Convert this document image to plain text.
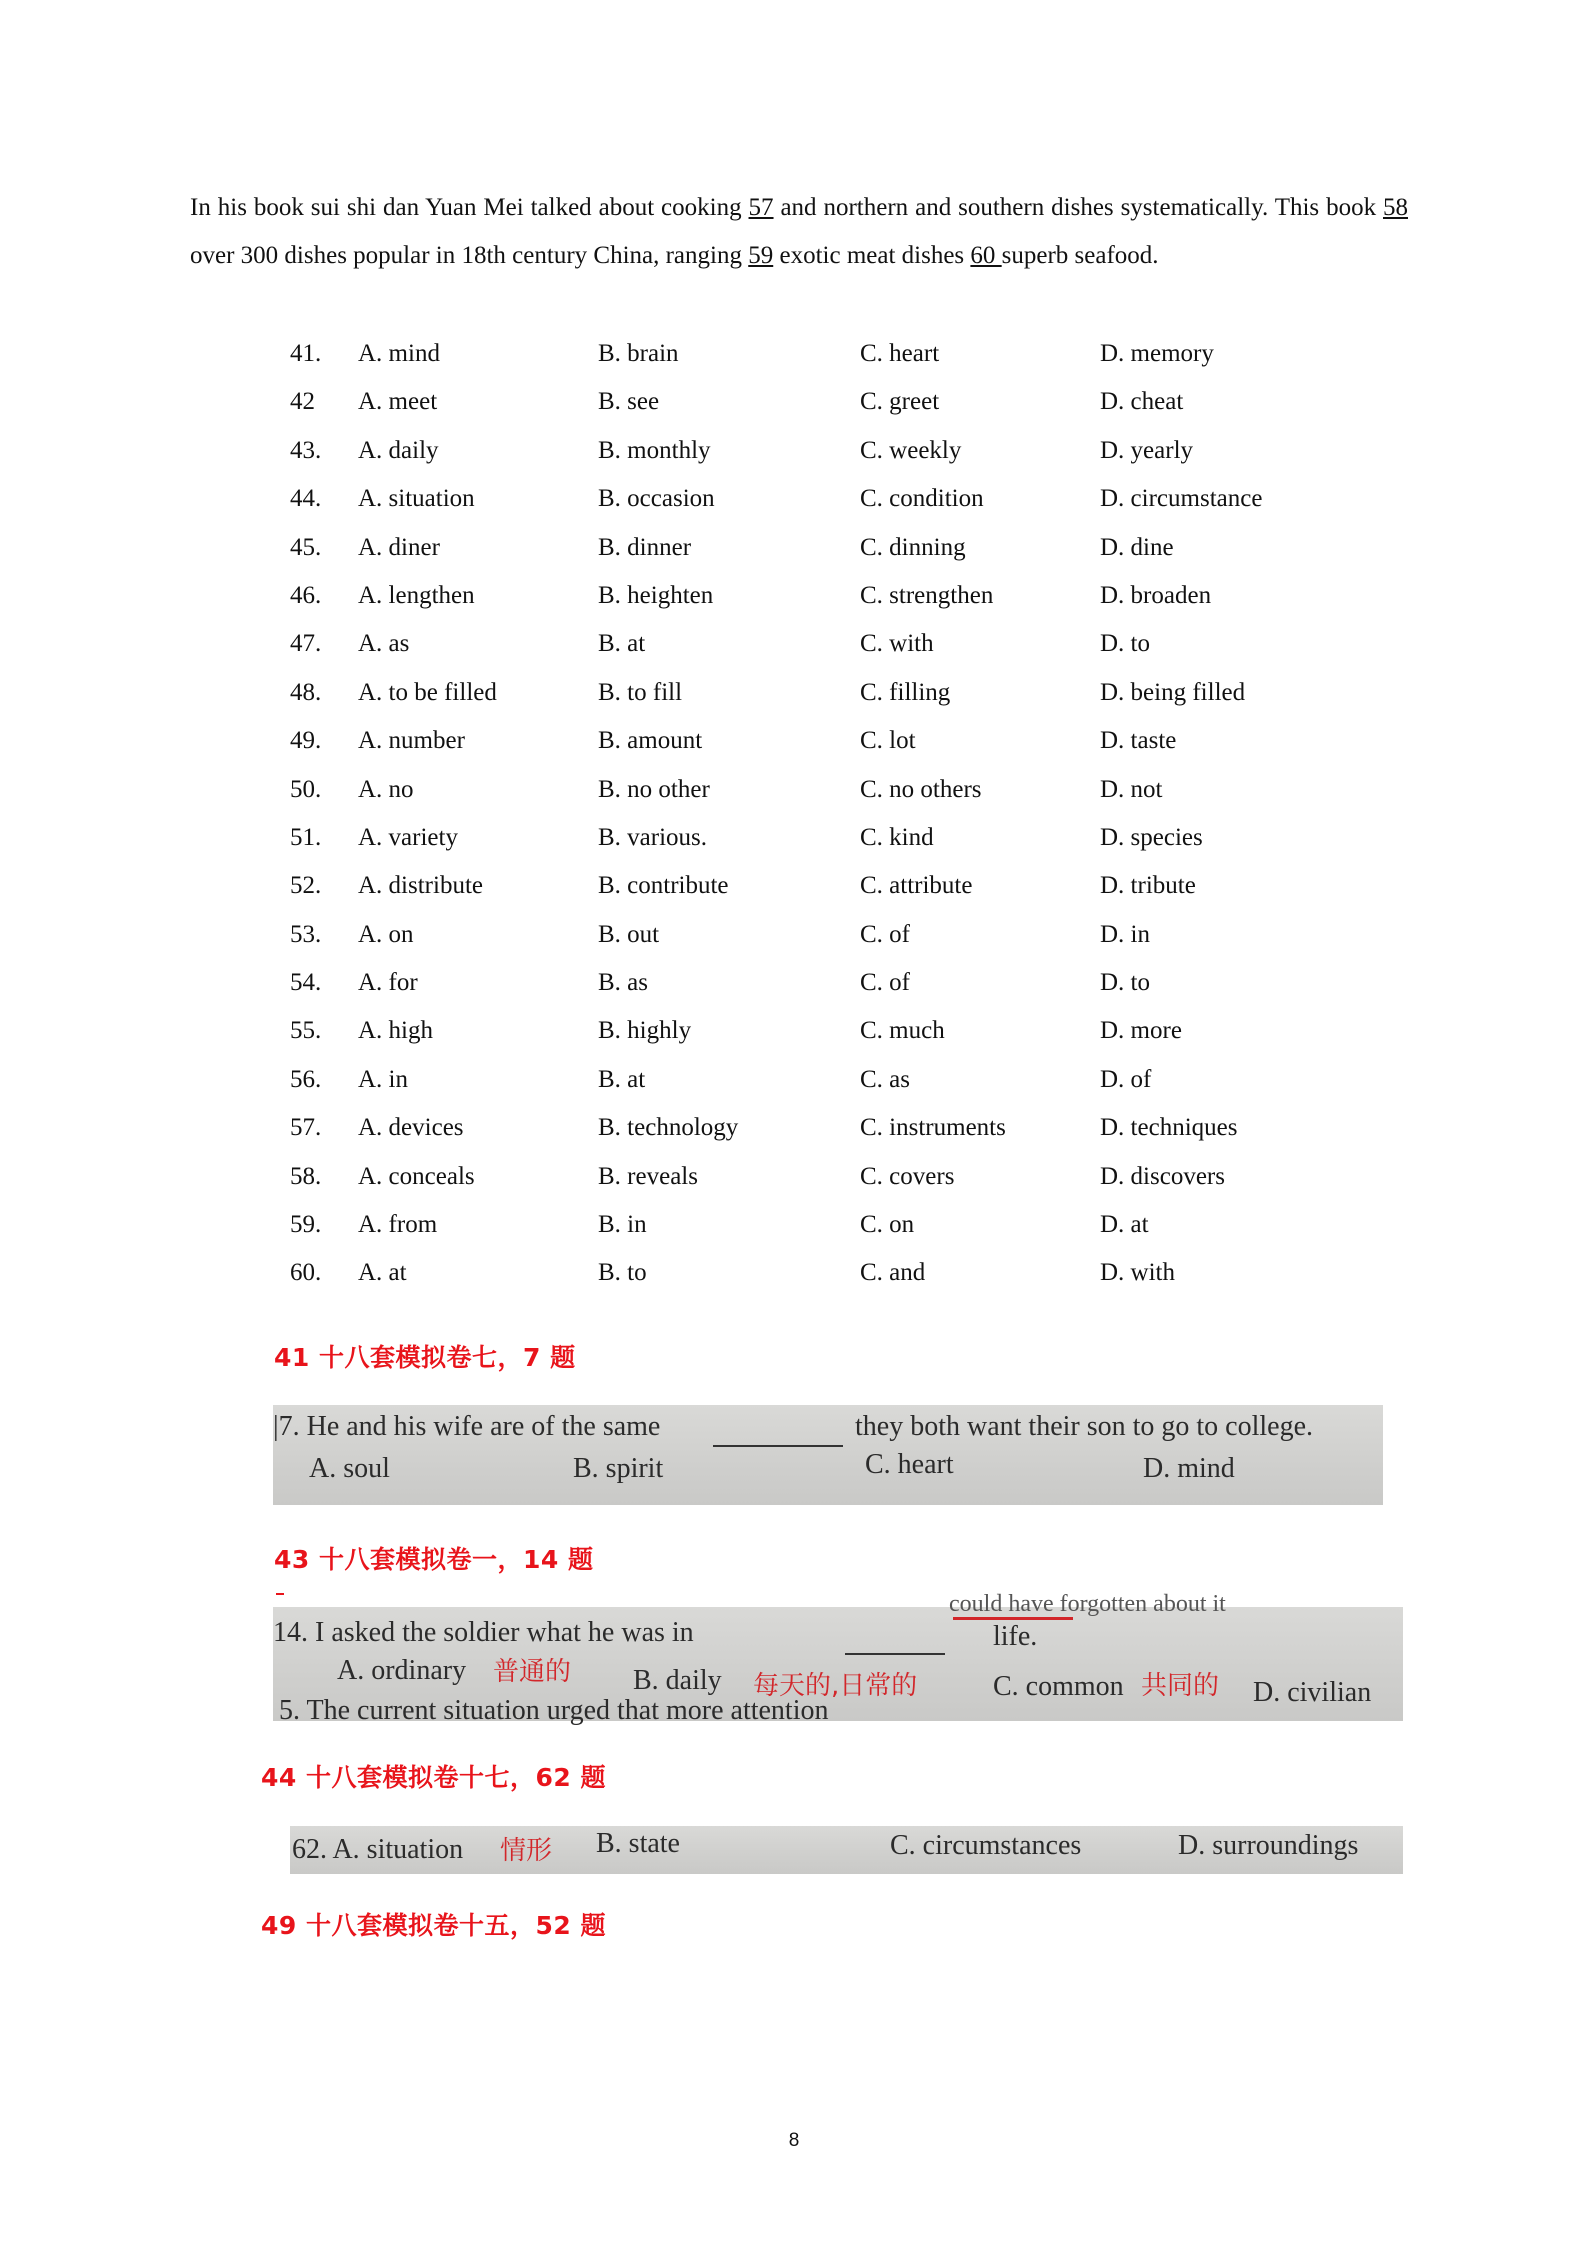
In his book sui shi dan Yuan Mei talked about cooking 57 and northern and southern dishes systematically. This book 58 over 300 dishes popular in 18th century China, ranging 59 exotic meat dishes 60 superb seafood.
41. A. mind	B. brain	C. heart	D. memory
42 A. meet	B. see	C. greet	D. cheat
43. A. daily	B. monthly	C. weekly	D. yearly
44. A. situation	B. occasion	C. condition	D. circumstance
45. A. diner	B. dinner	C. dinning	D. dine
46. A. lengthen	B. heighten	C. strengthen	D. broaden
47. A. as	B. at	C. with	D. to
48. A. to be filled	B. to fill	C. filling	D. being filled
49. A. number	B. amount	C. lot	D. taste
50. A. no	B. no other	C. no others	D. not
51. A. variety	B. various.	C. kind	D. species
52. A. distribute	B. contribute	C. attribute	D. tribute
53. A. on	B. out	C. of	D. in
54. A. for	B. as	C. of	D. to
55. A. high	B. highly	C. much	D. more
56. A. in	B. at	C. as	D. of
57. A. devices	B. technology	C. instruments	D. techniques
58. A. conceals	B. reveals	C. covers	D. discovers
59. A. from	B. in	C. on	D. at
60. A. at	B. to	C. and	D. with
41 十八套模拟卷七，7 题
|7. He and his wife are of the same	they both want their son to go to college.
A. soul	B. spirit	C. heart	D. mind
43 十八套模拟卷一，14 题
could have forgotten about it
14. I asked the soldier what he was in	life.
A. ordinary 普通的 B. daily 每天的,日常的	C. common 共同的 D. civilian
5. The current situation urged that more attention
44 十八套模拟卷十七，62 题
62. A. situation 情形 B. state	C. circumstances	D. surroundings
49 十八套模拟卷十五，52 题
8
